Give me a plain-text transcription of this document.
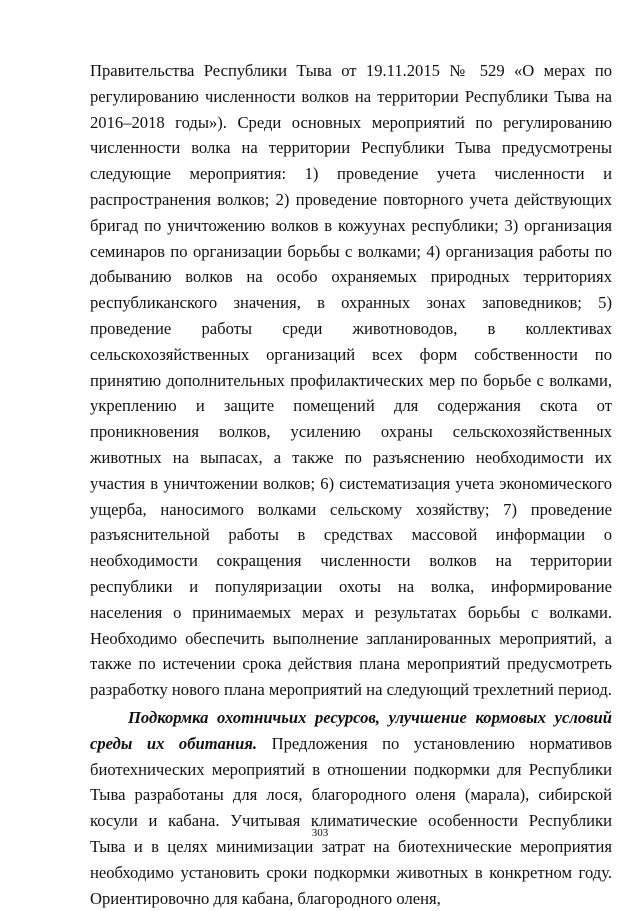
Правительства Республики Тыва от 19.11.2015 № 529 «О мерах по регулированию численности волков на территории Республики Тыва на 2016–2018 годы»). Среди основных мероприятий по регулированию численности волка на территории Республики Тыва предусмотрены следующие мероприятия: 1) проведение учета численности и распространения волков; 2) проведение повторного учета действующих бригад по уничтожению волков в кожуунах республики; 3) организация семинаров по организации борьбы с волками; 4) организация работы по добыванию волков на особо охраняемых природных территориях республиканского значения, в охранных зонах заповедников; 5) проведение работы среди животноводов, в коллективах сельскохозяйственных организаций всех форм собственности по принятию дополнительных профилактических мер по борьбе с волками, укреплению и защите помещений для содержания скота от проникновения волков, усилению охраны сельскохозяйственных животных на выпасах, а также по разъяснению необходимости их участия в уничтожении волков; 6) систематизация учета экономического ущерба, наносимого волками сельскому хозяйству; 7) проведение разъяснительной работы в средствах массовой информации о необходимости сокращения численности волков на территории республики и популяризации охоты на волка, информирование населения о принимаемых мерах и результатах борьбы с волками. Необходимо обеспечить выполнение запланированных мероприятий, а также по истечении срока действия плана мероприятий предусмотреть разработку нового плана мероприятий на следующий трехлетний период.

Подкормка охотничьих ресурсов, улучшение кормовых условий среды их обитания. Предложения по установлению нормативов биотехнических мероприятий в отношении подкормки для Республики Тыва разработаны для лося, благородного оленя (марала), сибирской косули и кабана. Учитывая климатические особенности Республики Тыва и в целях минимизации затрат на биотехнические мероприятия необходимо установить сроки подкормки животных в конкретном году. Ориентировочно для кабана, благородного оленя,

303
